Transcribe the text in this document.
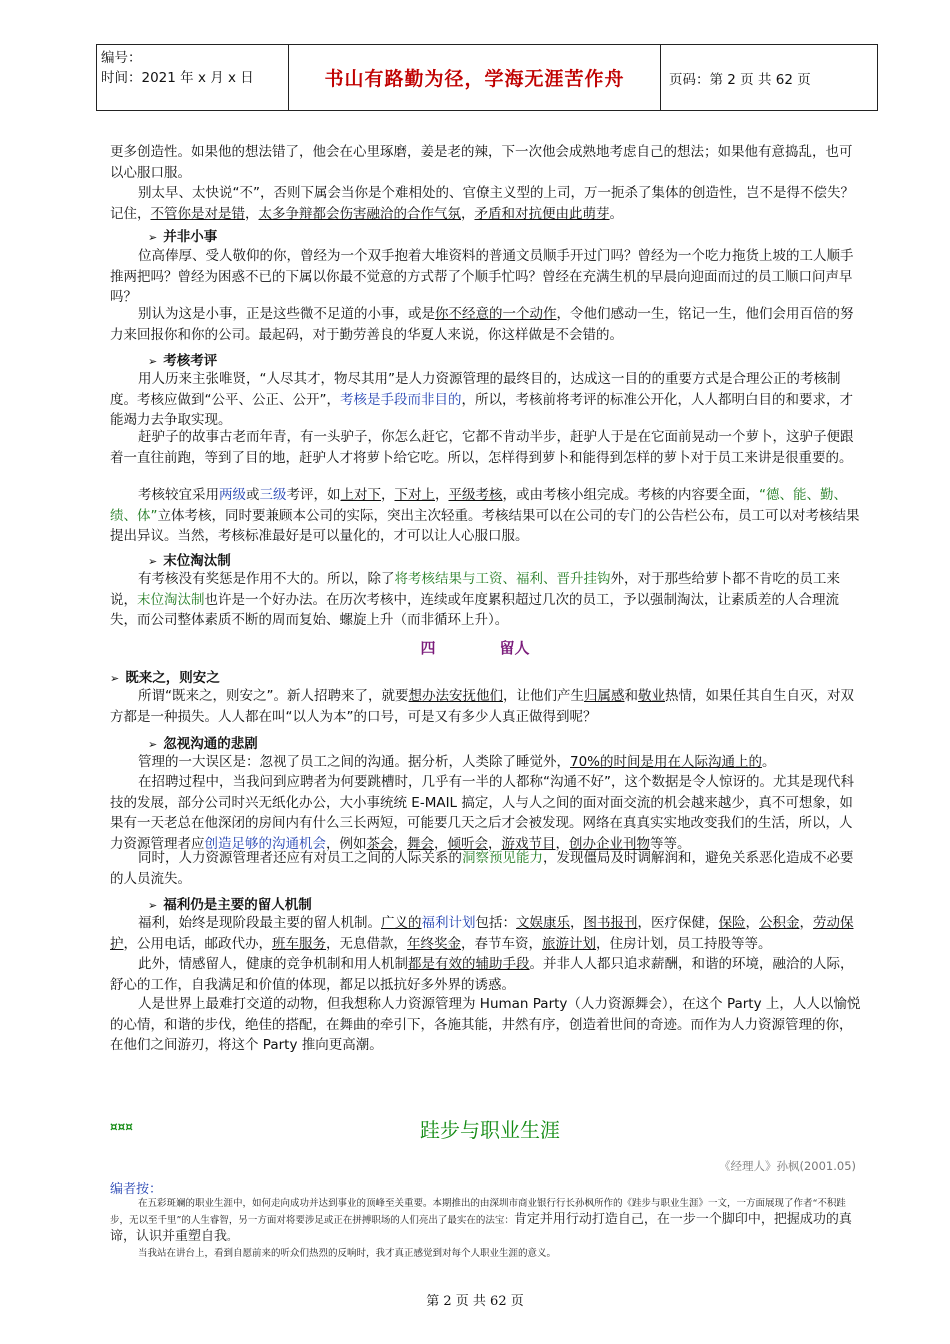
编号：
时间：2021 年 x 月 x 日	书山有路勤为径，学海无涯苦作舟	页码：第 2 页 共 62 页

更多创造性。如果他的想法错了，他会在心里琢磨，姜是老的辣，下一次他会成熟地考虑自己的想法；如果他有意捣乱，也可以心服口服。

别太早、太快说“不”，否则下属会当你是个难相处的、官僚主义型的上司，万一扼杀了集体的创造性，岂不是得不偿失？记住，不管你是对是错，太多争辩都会伤害融洽的合作气氛，矛盾和对抗便由此萌芽。

➢ 并非小事

位高俸厚、受人敬仰的你，曾经为一个双手抱着大堆资料的普通文员顺手开过门吗？曾经为一个吃力拖货上坡的工人顺手推两把吗？曾经为困惑不已的下属以你最不觉意的方式帮了个顺手忙吗？曾经在充满生机的早晨向迎面而过的员工顺口问声早吗？

别认为这是小事，正是这些微不足道的小事，或是你不经意的一个动作，令他们感动一生，铭记一生，他们会用百倍的努力来回报你和你的公司。最起码，对于勤劳善良的华夏人来说，你这样做是不会错的。

➢ 考核考评

用人历来主张唯贤，“人尽其才，物尽其用”是人力资源管理的最终目的，达成这一目的的重要方式是合理公正的考核制度。考核应做到“公平、公正、公开”，考核是手段而非目的，所以，考核前将考评的标准公开化，人人都明白目的和要求，才能竭力去争取实现。

赶驴子的故事古老而年青，有一头驴子，你怎么赶它，它都不肯动半步，赶驴人于是在它面前晃动一个萝卜，这驴子便跟着一直往前跑，等到了目的地，赶驴人才将萝卜给它吃。所以，怎样得到萝卜和能得到怎样的萝卜对于员工来讲是很重要的。

考核较宜采用两级或三级考评，如上对下，下对上，平级考核，或由考核小组完成。考核的内容要全面，“德、能、勤、绩、体”立体考核，同时要兼顾本公司的实际，突出主次轻重。考核结果可以在公司的专门的公告栏公布，员工可以对考核结果提出异议。当然，考核标准最好是可以量化的，才可以让人心服口服。

➢ 末位淘汰制

有考核没有奖惩是作用不大的。所以，除了将考核结果与工资、福利、晋升挂钩外，对于那些给萝卜都不肯吃的员工来说，末位淘汰制也许是一个好办法。在历次考核中，连续或年度累积超过几次的员工，予以强制淘汰，让素质差的人合理流失，而公司整体素质不断的周而复始、螺旋上升（而非循环上升）。

四	留人
➢ 既来之，则安之

所谓“既来之，则安之”。新人招聘来了，就要想办法安抚他们，让他们产生归属感和敬业热情，如果任其自生自灭，对双方都是一种损失。人人都在叫“以人为本”的口号，可是又有多少人真正做得到呢？

➢ 忽视沟通的悲剧

管理的一大误区是：忽视了员工之间的沟通。据分析，人类除了睡觉外，70%的时间是用在人际沟通上的。

在招聘过程中，当我问到应聘者为何要跳槽时，几乎有一半的人都称“沟通不好”，这个数据是令人惊讶的。尤其是现代科技的发展，部分公司时兴无纸化办公，大小事统统 E-MAIL 搞定，人与人之间的面对面交流的机会越来越少，真不可想象，如果有一天老总在他深闭的房间内有什么三长两短，可能要几天之后才会被发现。网络在真真实实地改变我们的生活，所以，人力资源管理者应创造足够的沟通机会，例如茶会，舞会，倾听会，游戏节目，创办企业刊物等等。

同时，人力资源管理者还应有对员工之间的人际关系的洞察预见能力，发现僵局及时调解润和，避免关系恶化造成不必要的人员流失。

➢ 福利仍是主要的留人机制

福利，始终是现阶段最主要的留人机制。广义的福利计划包括：文娱康乐，图书报刊，医疗保健，保险，公积金，劳动保护，公用电话，邮政代办，班车服务，无息借款，年终奖金，春节车资，旅游计划，住房计划，员工持股等等。

此外，情感留人，健康的竞争机制和用人机制都是有效的辅助手段。并非人人都只追求薪酬，和谐的环境，融洽的人际，舒心的工作，自我满足和价值的体现，都足以抵抗好多外界的诱惑。

人是世界上最难打交道的动物，但我想称人力资源管理为 Human Party（人力资源舞会），在这个 Party 上，人人以愉悦的心情，和谐的步伐，绝佳的搭配，在舞曲的牵引下，各施其能，井然有序，创造着世间的奇迹。而作为人力资源管理的你，在他们之间游刃，将这个 Party 推向更高潮。

¤¤¤	跬步与职业生涯

《经理人》孙枫(2001.05)
编者按：

在五彩斑斓的职业生涯中，如何走向成功并达到事业的顶峰至关重要。本期推出的由深圳市商业银行行长孙枫所作的《跬步与职业生涯》一文，一方面展现了作者“不积跬步，无以至千里”的人生睿智，另一方面对将要涉足或正在拼搏职场的人们亮出了最实在的法宝：肯定并用行动打造自己，在一步一个脚印中，把握成功的真谛，认识并重塑自我。

当我站在讲台上，看到自愿前来的听众们热烈的反响时，我才真正感觉到对每个人职业生涯的意义。

第 2 页 共 62 页
